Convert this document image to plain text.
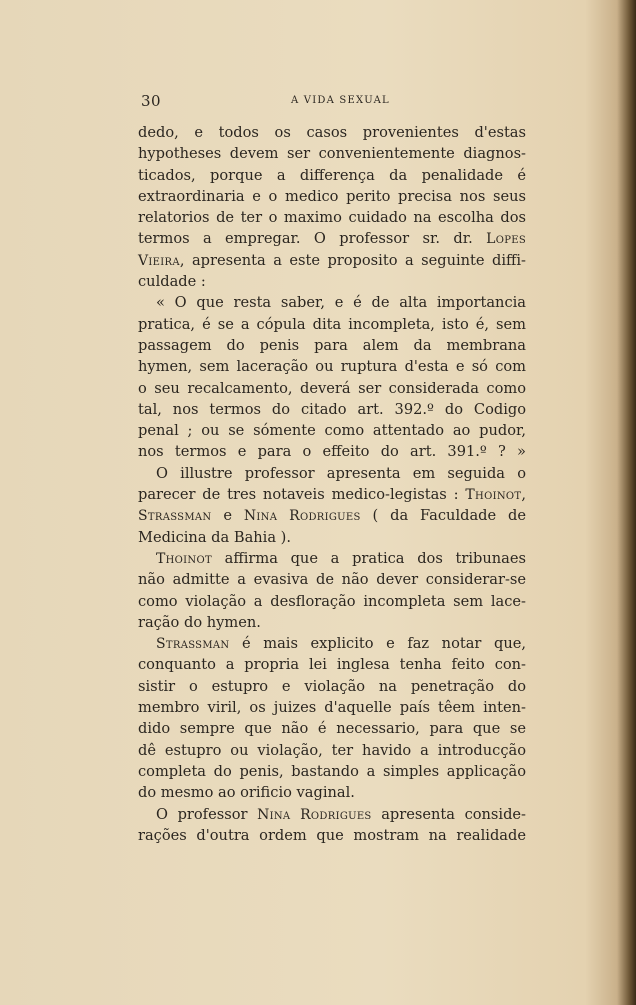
30	A VIDA SEXUAL
dedo, e todos os casos provenientes d'estas
hypotheses devem ser convenientemente diagnos-
ticados, porque a differença da penalidade é
extraordinaria e o medico perito precisa nos seus
relatorios de ter o maximo cuidado na escolha dos
termos a empregar. O professor sr. dr. Lopes
Vieira, apresenta a este proposito a seguinte diffi-
culdade :
« O que resta saber, e é de alta importancia
pratica, é se a cópula dita incompleta, isto é, sem
passagem do penis para alem da membrana
hymen, sem laceração ou ruptura d'esta e só com
o seu recalcamento, deverá ser considerada como
tal, nos termos do citado art. 392.º do Codigo
penal ; ou se sómente como attentado ao pudor,
nos termos e para o effeito do art. 391.º ? »
O illustre professor apresenta em seguida o
parecer de tres notaveis medico-legistas : Thoinot,
Strassman e Nina Rodrigues ( da Faculdade de
Medicina da Bahia ).
Thoinot affirma que a pratica dos tribunaes
não admitte a evasiva de não dever considerar-se
como violação a desfloração incompleta sem lace-
ração do hymen.
Strassman é mais explicito e faz notar que,
conquanto a propria lei inglesa tenha feito con-
sistir o estupro e violação na penetração do
membro viril, os juizes d'aquelle país têem inten-
dido sempre que não é necessario, para que se
dê estupro ou violação, ter havido a introducção
completa do penis, bastando a simples applicação
do mesmo ao orificio vaginal.
O professor Nina Rodrigues apresenta conside-
rações d'outra ordem que mostram na realidade
